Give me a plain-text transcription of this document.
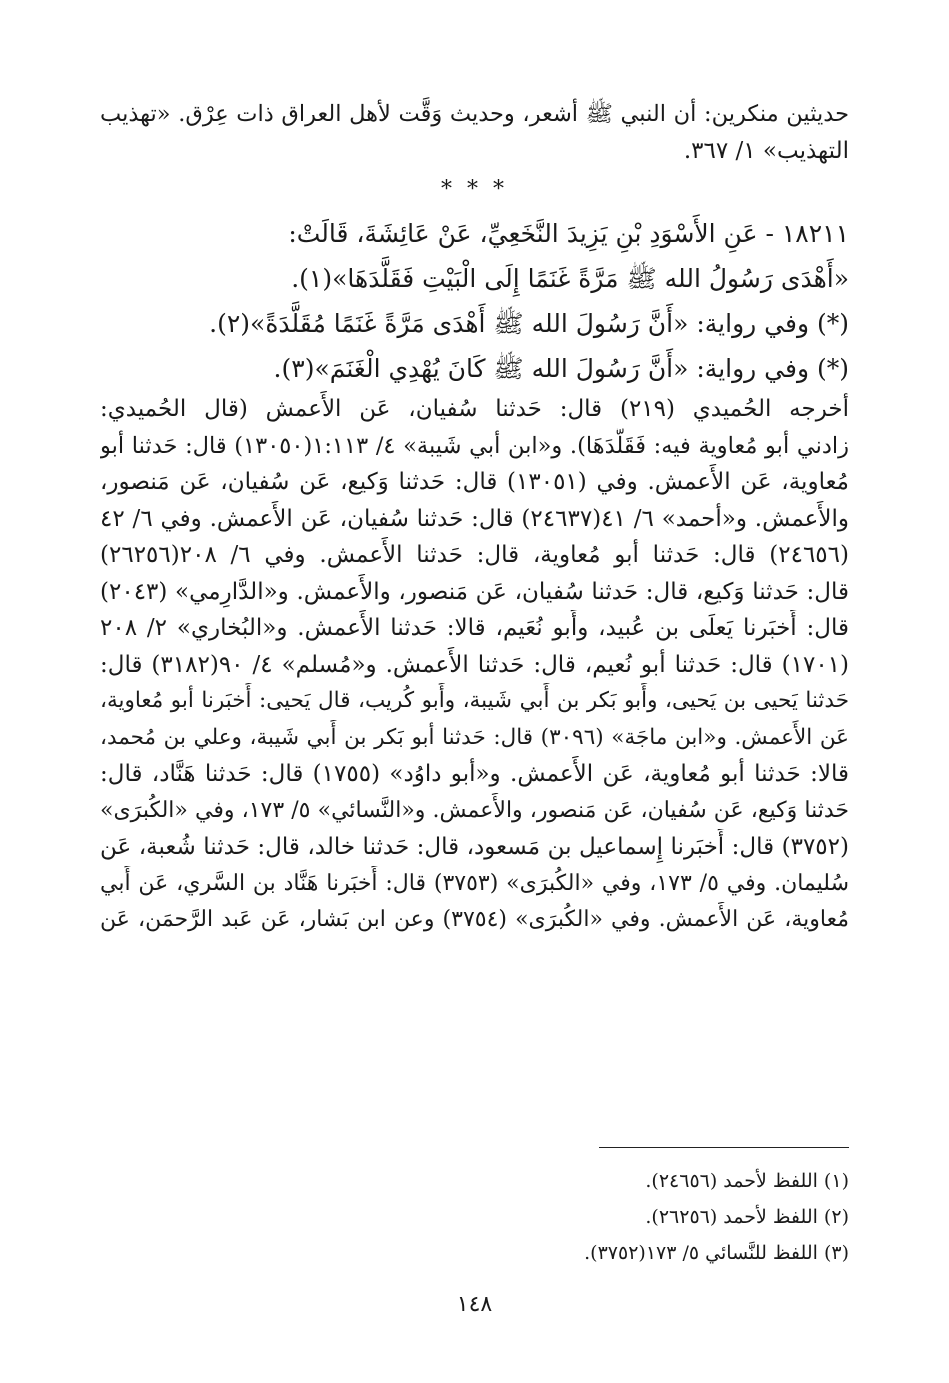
حديثين منكرين: أن النبي ﷺ أشعر، وحديث وَقَّت لأهل العراق ذات عِرْق. «تهذيب
التهذيب» ١/ ٣٦٧.
* * *
١٨٢١١ - عَنِ الأَسْوَدِ بْنِ يَزِيدَ النَّخَعِيِّ، عَنْ عَائِشَةَ، قَالَتْ:
«أَهْدَى رَسُولُ الله ﷺ مَرَّةً غَنَمًا إِلَى الْبَيْتِ فَقَلَّدَهَا»(١).
(*) وفي رواية: «أَنَّ رَسُولَ الله ﷺ أَهْدَى مَرَّةً غَنَمًا مُقَلَّدَةً»(٢).
(*) وفي رواية: «أَنَّ رَسُولَ الله ﷺ كَانَ يُهْدِي الْغَنَمَ»(٣).
أخرجه الحُميدي (٢١٩) قال: حَدثنا سُفيان، عَن الأَعمش (قال الحُميدي:
زادني أبو مُعاوية فيه: فَقَلَّدَهَا). و«ابن أبي شَيبة» ٤/ ١:١١٣(١٣٠٥٠) قال: حَدثنا أبو
مُعاوية، عَن الأَعمش. وفي (١٣٠٥١) قال: حَدثنا وَكيع، عَن سُفيان، عَن مَنصور،
والأَعمش. و«أحمد» ٦/ ٤١(٢٤٦٣٧) قال: حَدثنا سُفيان، عَن الأَعمش. وفي ٦/ ٤٢
(٢٤٦٥٦) قال: حَدثنا أبو مُعاوية، قال: حَدثنا الأَعمش. وفي ٦/ ٢٠٨(٢٦٢٥٦)
قال: حَدثنا وَكيع، قال: حَدثنا سُفيان، عَن مَنصور، والأَعمش. و«الدَّارِمي» (٢٠٤٣)
قال: أَخبَرنا يَعلَى بن عُبيد، وأَبو نُعَيم، قالا: حَدثنا الأَعمش. و«البُخاري» ٢/ ٢٠٨
(١٧٠١) قال: حَدثنا أبو نُعيم، قال: حَدثنا الأَعمش. و«مُسلم» ٤/ ٩٠(٣١٨٢) قال:
حَدثنا يَحيى بن يَحيى، وأَبو بَكر بن أَبي شَيبة، وأَبو كُريب، قال يَحيى: أَخبَرنا أبو مُعاوية،
عَن الأَعمش. و«ابن ماجَة» (٣٠٩٦) قال: حَدثنا أبو بَكر بن أَبي شَيبة، وعلي بن مُحمد،
قالا: حَدثنا أبو مُعاوية، عَن الأَعمش. و«أبو داوُد» (١٧٥٥) قال: حَدثنا هَنَّاد، قال:
حَدثنا وَكيع، عَن سُفيان، عَن مَنصور، والأَعمش. و«النَّسائي» ٥/ ١٧٣، وفي «الكُبرَى»
(٣٧٥٢) قال: أَخبَرنا إِسماعيل بن مَسعود، قال: حَدثنا خالد، قال: حَدثنا شُعبة، عَن
سُليمان. وفي ٥/ ١٧٣، وفي «الكُبرَى» (٣٧٥٣) قال: أَخبَرنا هَنَّاد بن السَّري، عَن أَبي
مُعاوية، عَن الأَعمش. وفي «الكُبرَى» (٣٧٥٤) وعن ابن بَشار، عَن عَبد الرَّحمَن، عَن
(١) اللفظ لأحمد (٢٤٦٥٦).
(٢) اللفظ لأحمد (٢٦٢٥٦).
(٣) اللفظ للنَّسائي ٥/ ١٧٣(٣٧٥٢).
١٤٨
